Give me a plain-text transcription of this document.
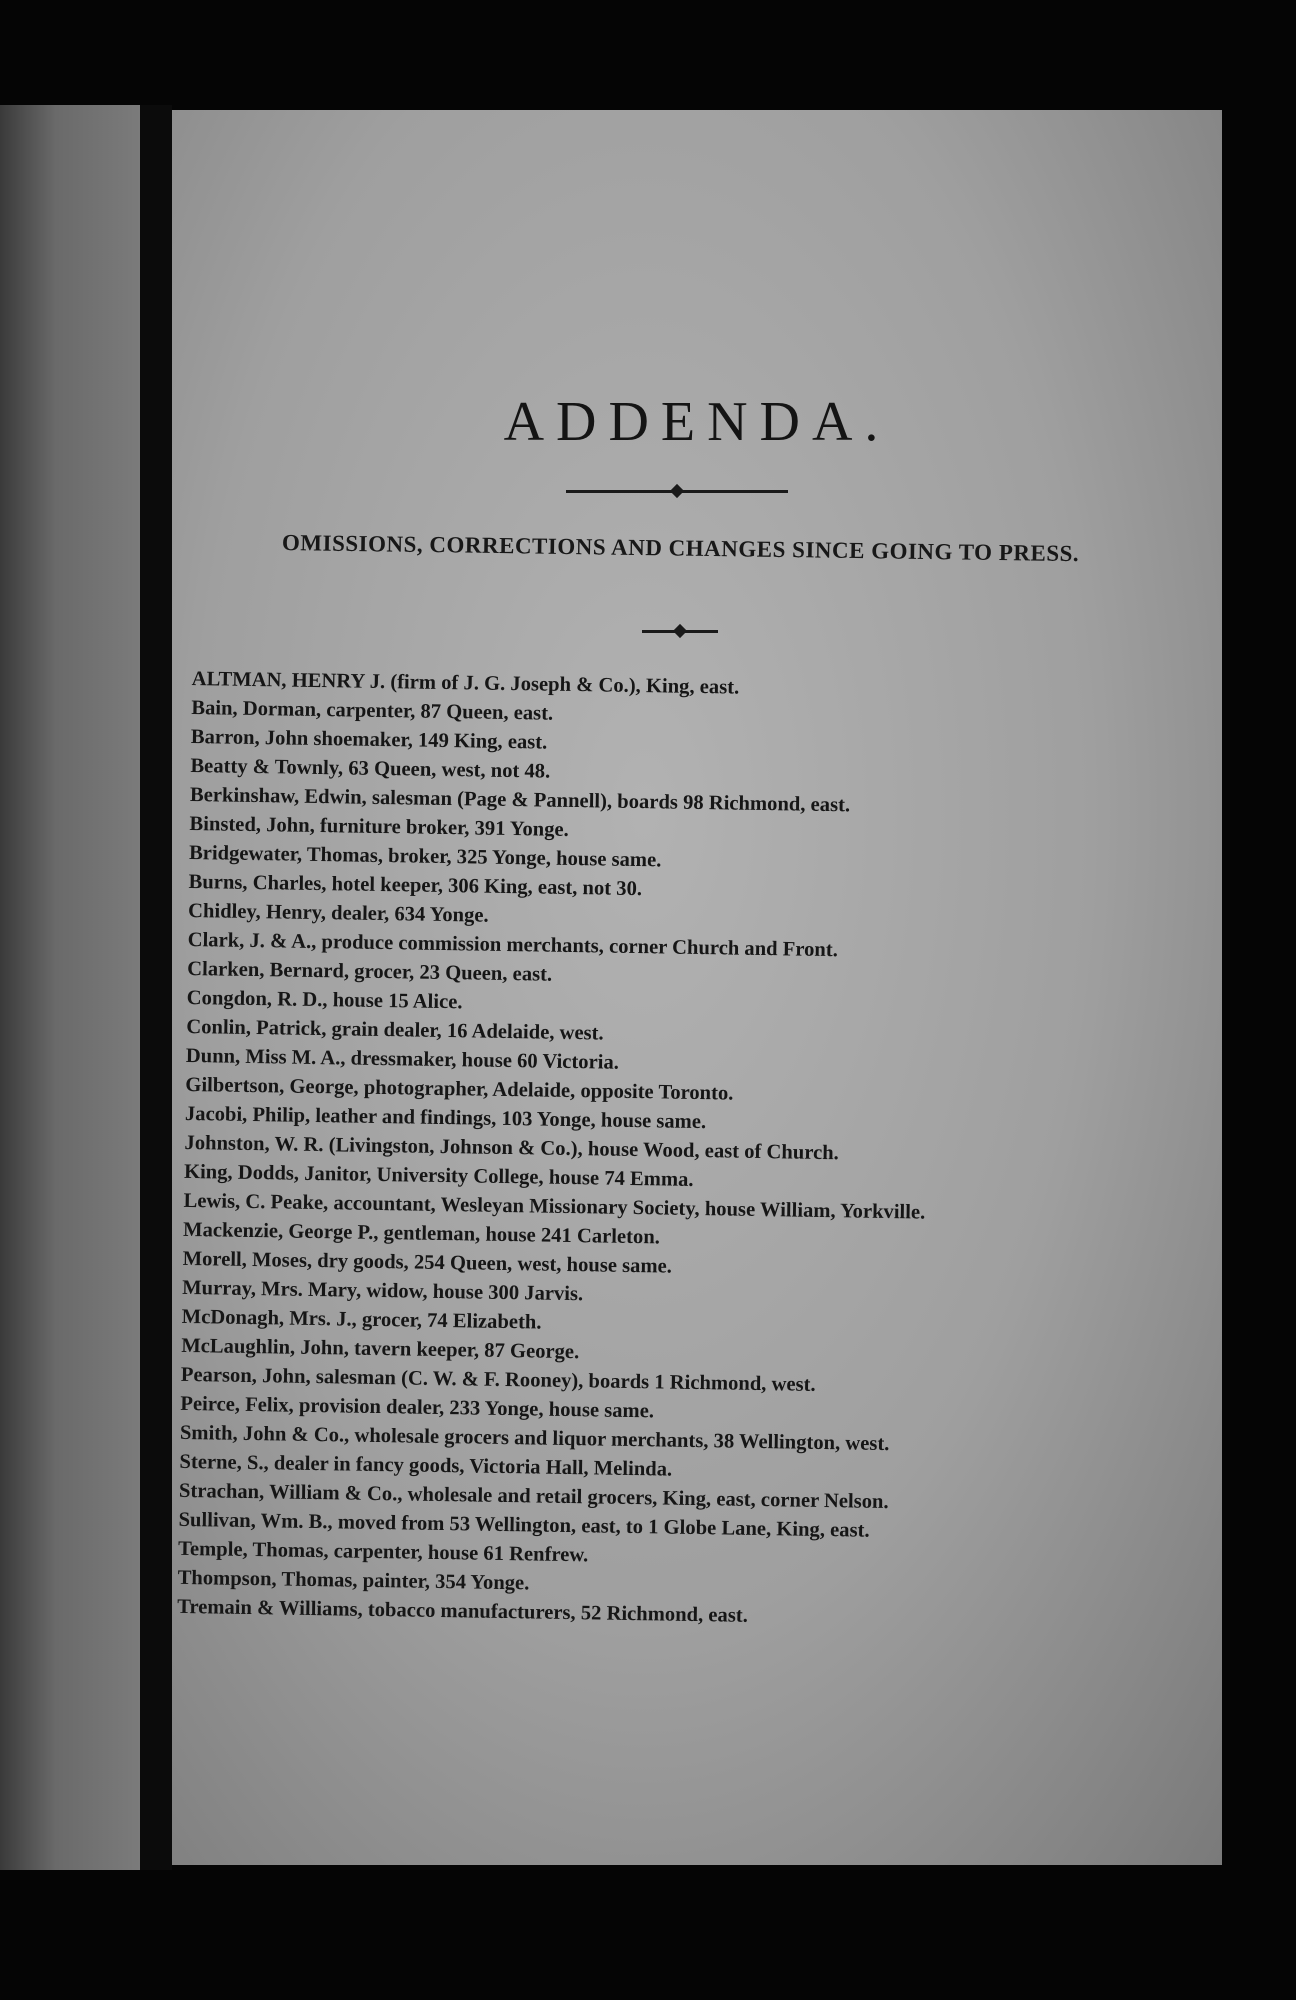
ADDENDA.
OMISSIONS, CORRECTIONS AND CHANGES SINCE GOING TO PRESS.
ALTMAN, HENRY J. (firm of J. G. Joseph & Co.), King, east.
Bain, Dorman, carpenter, 87 Queen, east.
Barron, John shoemaker, 149 King, east.
Beatty & Townly, 63 Queen, west, not 48.
Berkinshaw, Edwin, salesman (Page & Pannell), boards 98 Richmond, east.
Binsted, John, furniture broker, 391 Yonge.
Bridgewater, Thomas, broker, 325 Yonge, house same.
Burns, Charles, hotel keeper, 306 King, east, not 30.
Chidley, Henry, dealer, 634 Yonge.
Clark, J. & A., produce commission merchants, corner Church and Front.
Clarken, Bernard, grocer, 23 Queen, east.
Congdon, R. D., house 15 Alice.
Conlin, Patrick, grain dealer, 16 Adelaide, west.
Dunn, Miss M. A., dressmaker, house 60 Victoria.
Gilbertson, George, photographer, Adelaide, opposite Toronto.
Jacobi, Philip, leather and findings, 103 Yonge, house same.
Johnston, W. R. (Livingston, Johnson & Co.), house Wood, east of Church.
King, Dodds, Janitor, University College, house 74 Emma.
Lewis, C. Peake, accountant, Wesleyan Missionary Society, house William, Yorkville.
Mackenzie, George P., gentleman, house 241 Carleton.
Morell, Moses, dry goods, 254 Queen, west, house same.
Murray, Mrs. Mary, widow, house 300 Jarvis.
McDonagh, Mrs. J., grocer, 74 Elizabeth.
McLaughlin, John, tavern keeper, 87 George.
Pearson, John, salesman (C. W. & F. Rooney), boards 1 Richmond, west.
Peirce, Felix, provision dealer, 233 Yonge, house same.
Smith, John & Co., wholesale grocers and liquor merchants, 38 Wellington, west.
Sterne, S., dealer in fancy goods, Victoria Hall, Melinda.
Strachan, William & Co., wholesale and retail grocers, King, east, corner Nelson.
Sullivan, Wm. B., moved from 53 Wellington, east, to 1 Globe Lane, King, east.
Temple, Thomas, carpenter, house 61 Renfrew.
Thompson, Thomas, painter, 354 Yonge.
Tremain & Williams, tobacco manufacturers, 52 Richmond, east.
